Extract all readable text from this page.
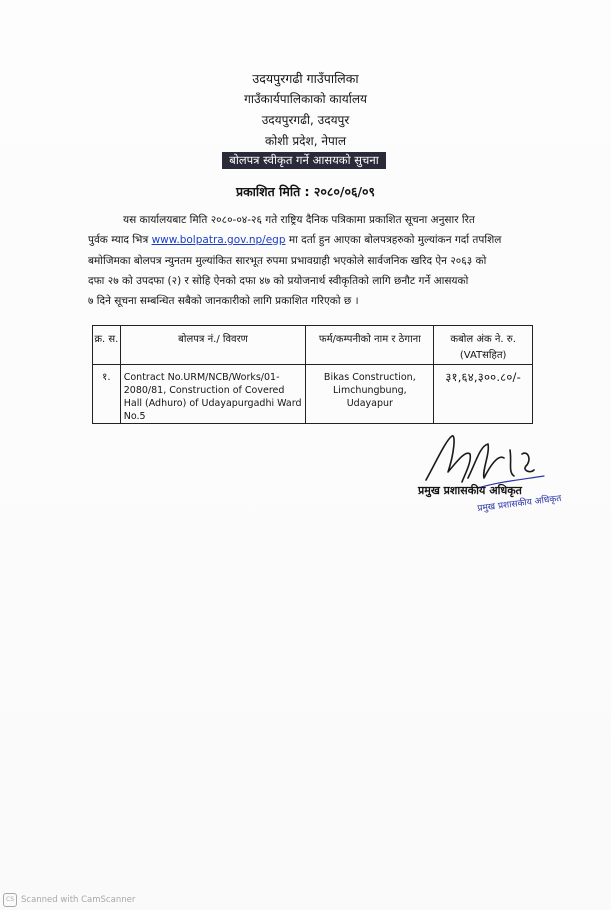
उदयपुरगढी गाउँपालिका
गाउँकार्यपालिकाको कार्यालय
उदयपुरगढी, उदयपुर
कोशी प्रदेश, नेपाल
बोलपत्र स्वीकृत गर्ने आसयको सुचना
प्रकाशित मिति : २०८०/०६/०९
यस कार्यालयबाट मिति २०८०-०४-२६ गते राष्ट्रिय दैनिक पत्रिकामा प्रकाशित सूचना अनुसार रित
पुर्वक म्याद भित्र www.bolpatra.gov.np/egp मा दर्ता हुन आएका बोलपत्रहरुको मुल्यांकन गर्दा तपशिल
बमोजिमका बोलपत्र न्युनतम मुल्यांकित सारभूत रुपमा प्रभावग्राही भएकोले सार्वजनिक खरिद ऐन २०६३ को
दफा २७ को उपदफा (२) र सोहि ऐनको दफा ४७ को प्रयोजनार्थ स्वीकृतिको लागि छनौट गर्ने आसयको
७ दिने सूचना सम्बन्धित सबैको जानकारीको लागि प्रकाशित गरिएको छ ।
क्र. स.	बोलपत्र नं./ विवरण	फर्म/कम्पनीको नाम र ठेगाना	कबोल अंक ने. रु.(VATसहित)

१.	Contract No.URM/NCB/Works/01-2080/81, Construction of Covered Hall (Adhuro) of Udayapurgadhi Ward No.5	Bikas Construction, Limchungbung, Udayapur	३१,६४,३००.८०/-
प्रमुख प्रशासकीय अधिकृत
प्रमुख प्रशासकीय अधिकृत
CS Scanned with CamScanner
